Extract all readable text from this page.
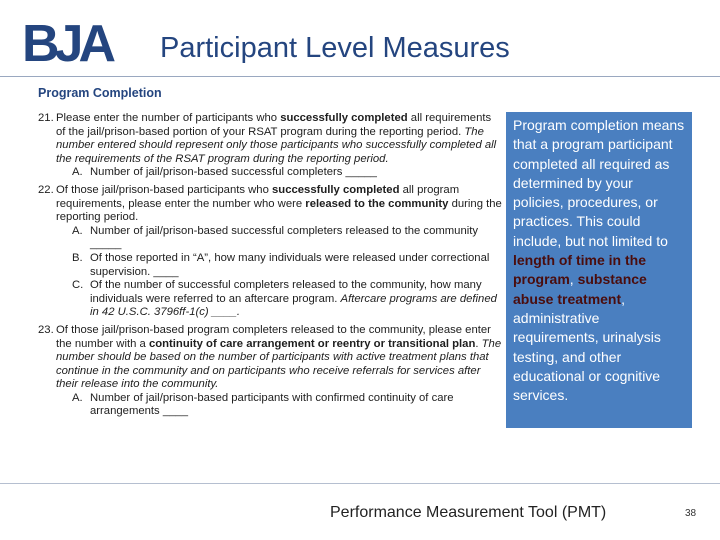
BJA	Participant Level Measures
Program Completion
21. Please enter the number of participants who successfully completed all requirements of the jail/prison-based portion of your RSAT program during the reporting period. The number entered should represent only those participants who successfully completed all the requirements of the RSAT program during the reporting period.
A. Number of jail/prison-based successful completers _____
22. Of those jail/prison-based participants who successfully completed all program requirements, please enter the number who were released to the community during the reporting period.
A. Number of jail/prison-based successful completers released to the community _____
B. Of those reported in “A”, how many individuals were released under correctional supervision. ____
C. Of the number of successful completers released to the community, how many individuals were referred to an aftercare program. Aftercare programs are defined in 42 U.S.C. 3796ff-1(c) ____.
23. Of those jail/prison-based program completers released to the community, please enter the number with a continuity of care arrangement or reentry or transitional plan. The number should be based on the number of participants with active treatment plans that continue in the community and on participants who receive referrals for services after their release into the community.
A. Number of jail/prison-based participants with confirmed continuity of care arrangements ____
Program completion means that a program participant completed all required as determined by your policies, procedures, or practices. This could include, but not limited to length of time in the program, substance abuse treatment, administrative requirements, urinalysis testing, and other educational or cognitive services.
Performance Measurement Tool (PMT)	38
